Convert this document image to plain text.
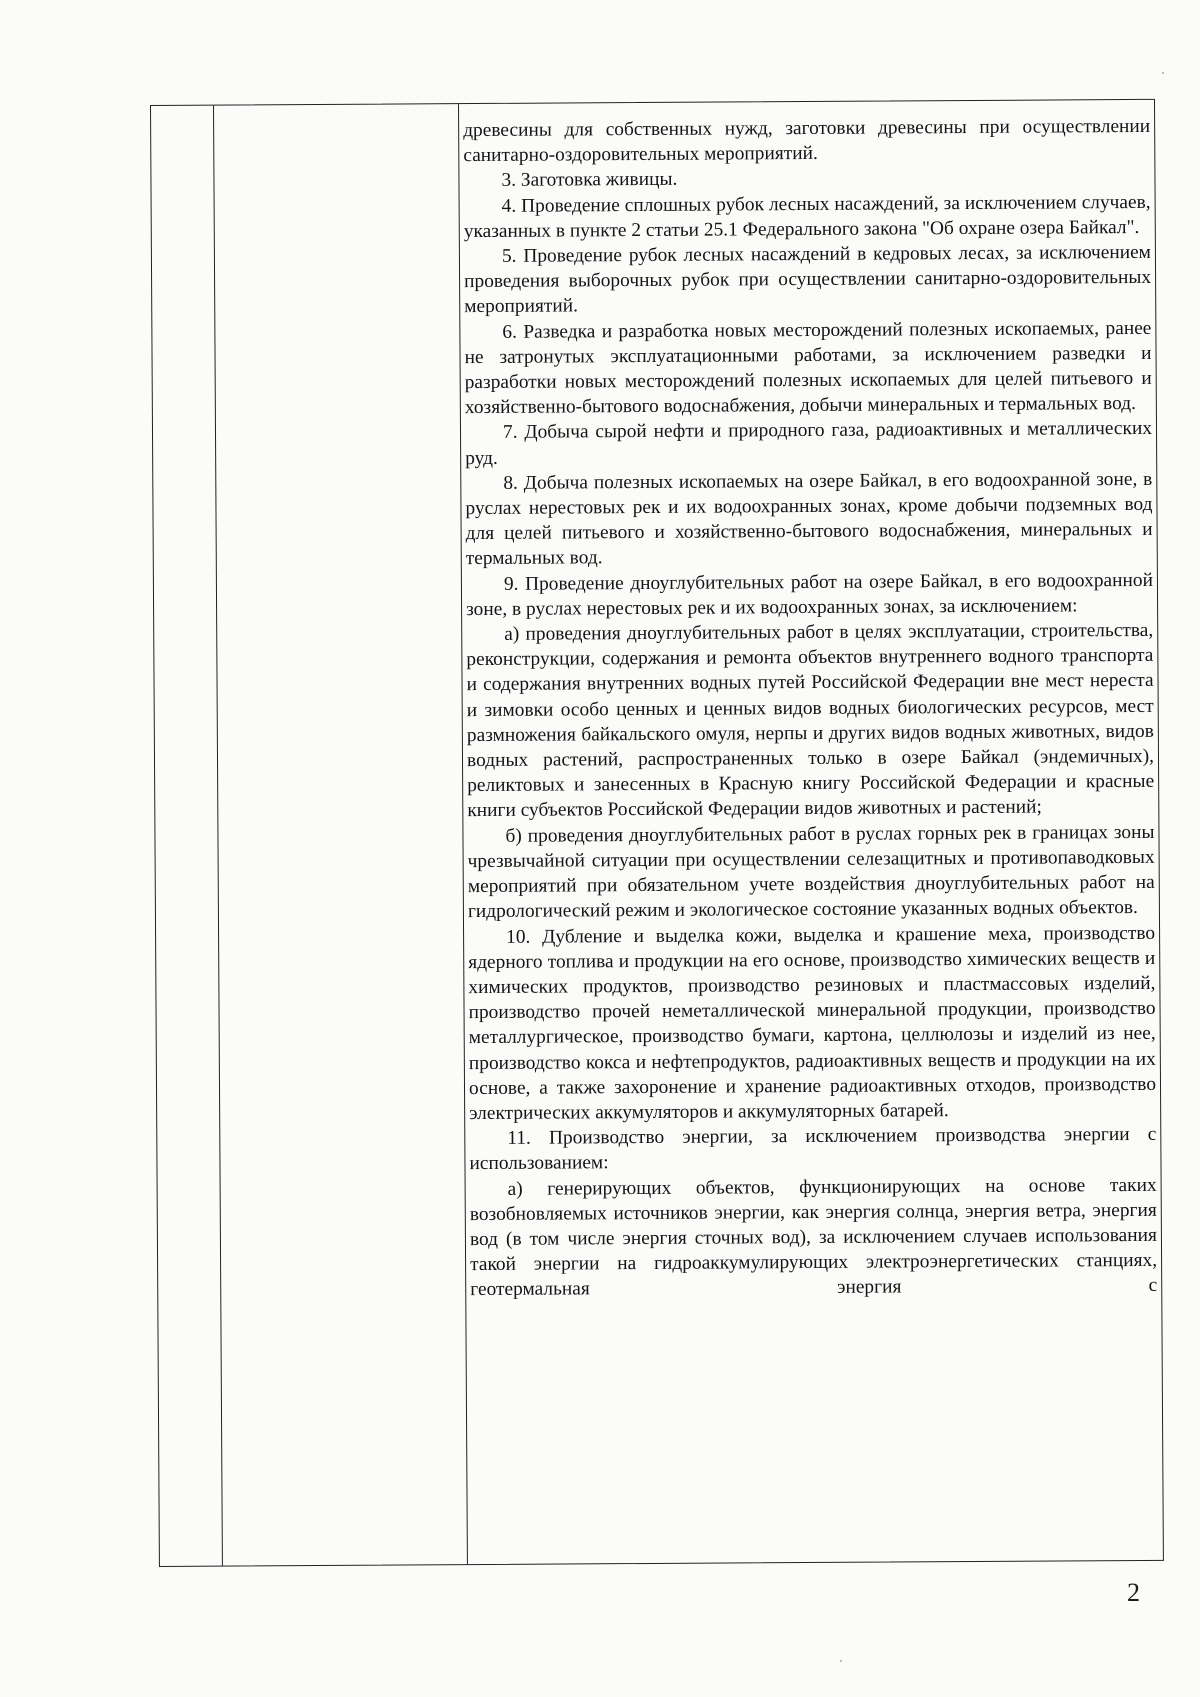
древесины для собственных нужд, заготовки древесины при осуществлении санитарно-оздоровительных мероприятий.

3. Заготовка живицы.

4. Проведение сплошных рубок лесных насаждений, за исключением случаев, указанных в пункте 2 статьи 25.1 Федерального закона "Об охране озера Байкал".

5. Проведение рубок лесных насаждений в кедровых лесах, за исключением проведения выборочных рубок при осуществлении санитарно-оздоровительных мероприятий.

6. Разведка и разработка новых месторождений полезных ископаемых, ранее не затронутых эксплуатационными работами, за исключением разведки и разработки новых месторождений полезных ископаемых для целей питьевого и хозяйственно-бытового водоснабжения, добычи минеральных и термальных вод.

7. Добыча сырой нефти и природного газа, радиоактивных и металлических руд.

8. Добыча полезных ископаемых на озере Байкал, в его водоохранной зоне, в руслах нерестовых рек и их водоохранных зонах, кроме добычи подземных вод для целей питьевого и хозяйственно-бытового водоснабжения, минеральных и термальных вод.

9. Проведение дноуглубительных работ на озере Байкал, в его водоохранной зоне, в руслах нерестовых рек и их водоохранных зонах, за исключением:

а) проведения дноуглубительных работ в целях эксплуатации, строительства, реконструкции, содержания и ремонта объектов внутреннего водного транспорта и содержания внутренних водных путей Российской Федерации вне мест нереста и зимовки особо ценных и ценных видов водных биологических ресурсов, мест размножения байкальского омуля, нерпы и других видов водных животных, видов водных растений, распространенных только в озере Байкал (эндемичных), реликтовых и занесенных в Красную книгу Российской Федерации и красные книги субъектов Российской Федерации видов животных и растений;

б) проведения дноуглубительных работ в руслах горных рек в границах зоны чрезвычайной ситуации при осуществлении селезащитных и противопаводковых мероприятий при обязательном учете воздействия дноуглубительных работ на гидрологический режим и экологическое состояние указанных водных объектов.

10. Дубление и выделка кожи, выделка и крашение меха, производство ядерного топлива и продукции на его основе, производство химических веществ и химических продуктов, производство резиновых и пластмассовых изделий, производство прочей неметаллической минеральной продукции, производство металлургическое, производство бумаги, картона, целлюлозы и изделий из нее, производство кокса и нефтепродуктов, радиоактивных веществ и продукции на их основе, а также захоронение и хранение радиоактивных отходов, производство электрических аккумуляторов и аккумуляторных батарей.

11. Производство энергии, за исключением производства энергии с использованием:

а) генерирующих объектов, функционирующих на основе таких возобновляемых источников энергии, как энергия солнца, энергия ветра, энергия вод (в том числе энергия сточных вод), за исключением случаев использования такой энергии на гидроаккумулирующих электроэнергетических станциях, геотермальная энергия с

2
